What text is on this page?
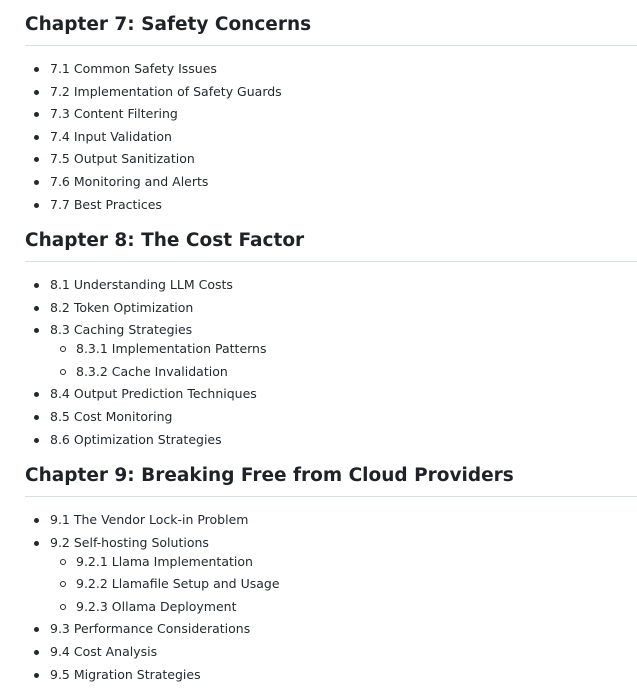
Chapter 7: Safety Concerns
7.1 Common Safety Issues
7.2 Implementation of Safety Guards
7.3 Content Filtering
7.4 Input Validation
7.5 Output Sanitization
7.6 Monitoring and Alerts
7.7 Best Practices
Chapter 8: The Cost Factor
8.1 Understanding LLM Costs
8.2 Token Optimization
8.3 Caching Strategies
8.3.1 Implementation Patterns
8.3.2 Cache Invalidation
8.4 Output Prediction Techniques
8.5 Cost Monitoring
8.6 Optimization Strategies
Chapter 9: Breaking Free from Cloud Providers
9.1 The Vendor Lock-in Problem
9.2 Self-hosting Solutions
9.2.1 Llama Implementation
9.2.2 Llamafile Setup and Usage
9.2.3 Ollama Deployment
9.3 Performance Considerations
9.4 Cost Analysis
9.5 Migration Strategies
